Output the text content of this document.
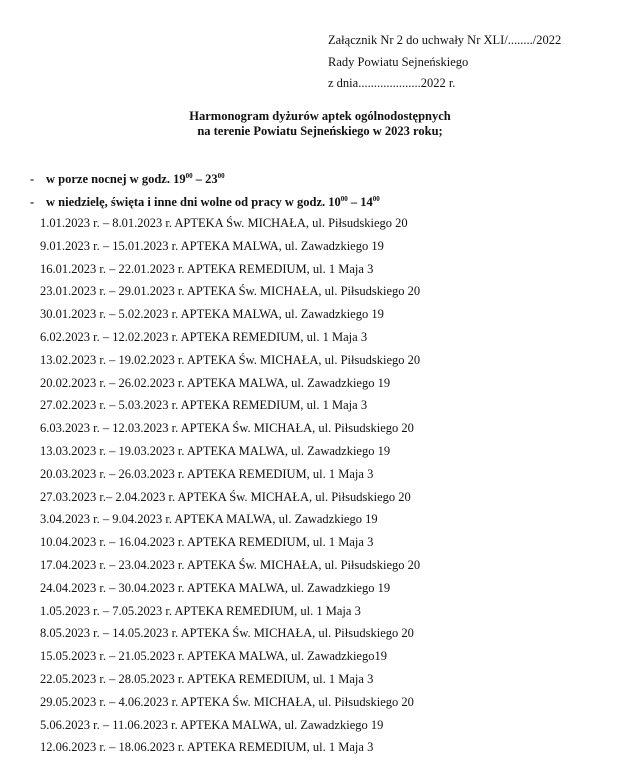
Załącznik Nr 2 do uchwały Nr XLI/......../2022
Rady Powiatu Sejneńskiego
z dnia....................2022 r.
Harmonogram dyżurów aptek ogólnodostępnych
na terenie Powiatu Sejneńskiego w 2023 roku;
- w porze nocnej w godz. $19^{00} - 23^{00}$
- w niedzielę, święta i inne dni wolne od pracy w godz. $10^{00} - 14^{00}$
1.01.2023 r. – 8.01.2023 r. APTEKA Św. MICHAŁA, ul. Piłsudskiego 20
9.01.2023 r. – 15.01.2023 r. APTEKA MALWA, ul. Zawadzkiego 19
16.01.2023 r. – 22.01.2023 r. APTEKA REMEDIUM, ul. 1 Maja 3
23.01.2023 r. – 29.01.2023 r. APTEKA Św. MICHAŁA, ul. Piłsudskiego 20
30.01.2023 r. – 5.02.2023 r. APTEKA MALWA, ul. Zawadzkiego 19
6.02.2023 r. – 12.02.2023 r. APTEKA REMEDIUM, ul. 1 Maja 3
13.02.2023 r. – 19.02.2023 r. APTEKA Św. MICHAŁA, ul. Piłsudskiego 20
20.02.2023 r. – 26.02.2023 r. APTEKA MALWA, ul. Zawadzkiego 19
27.02.2023 r. – 5.03.2023 r. APTEKA REMEDIUM, ul. 1 Maja 3
6.03.2023 r. – 12.03.2023 r. APTEKA Św. MICHAŁA, ul. Piłsudskiego 20
13.03.2023 r. – 19.03.2023 r. APTEKA MALWA, ul. Zawadzkiego 19
20.03.2023 r. – 26.03.2023 r. APTEKA REMEDIUM, ul. 1 Maja 3
27.03.2023 r.– 2.04.2023 r. APTEKA Św. MICHAŁA, ul. Piłsudskiego 20
3.04.2023 r. – 9.04.2023 r. APTEKA MALWA, ul. Zawadzkiego 19
10.04.2023 r. – 16.04.2023 r. APTEKA REMEDIUM, ul. 1 Maja 3
17.04.2023 r. – 23.04.2023 r. APTEKA Św. MICHAŁA, ul. Piłsudskiego 20
24.04.2023 r. – 30.04.2023 r. APTEKA MALWA, ul. Zawadzkiego 19
1.05.2023 r. – 7.05.2023 r. APTEKA REMEDIUM, ul. 1 Maja 3
8.05.2023 r. – 14.05.2023 r. APTEKA Św. MICHAŁA, ul. Piłsudskiego 20
15.05.2023 r. – 21.05.2023 r. APTEKA MALWA, ul. Zawadzkiego19
22.05.2023 r. – 28.05.2023 r. APTEKA REMEDIUM, ul. 1 Maja 3
29.05.2023 r. – 4.06.2023 r. APTEKA Św. MICHAŁA, ul. Piłsudskiego 20
5.06.2023 r. – 11.06.2023 r. APTEKA MALWA, ul. Zawadzkiego 19
12.06.2023 r. – 18.06.2023 r. APTEKA REMEDIUM, ul. 1 Maja 3
